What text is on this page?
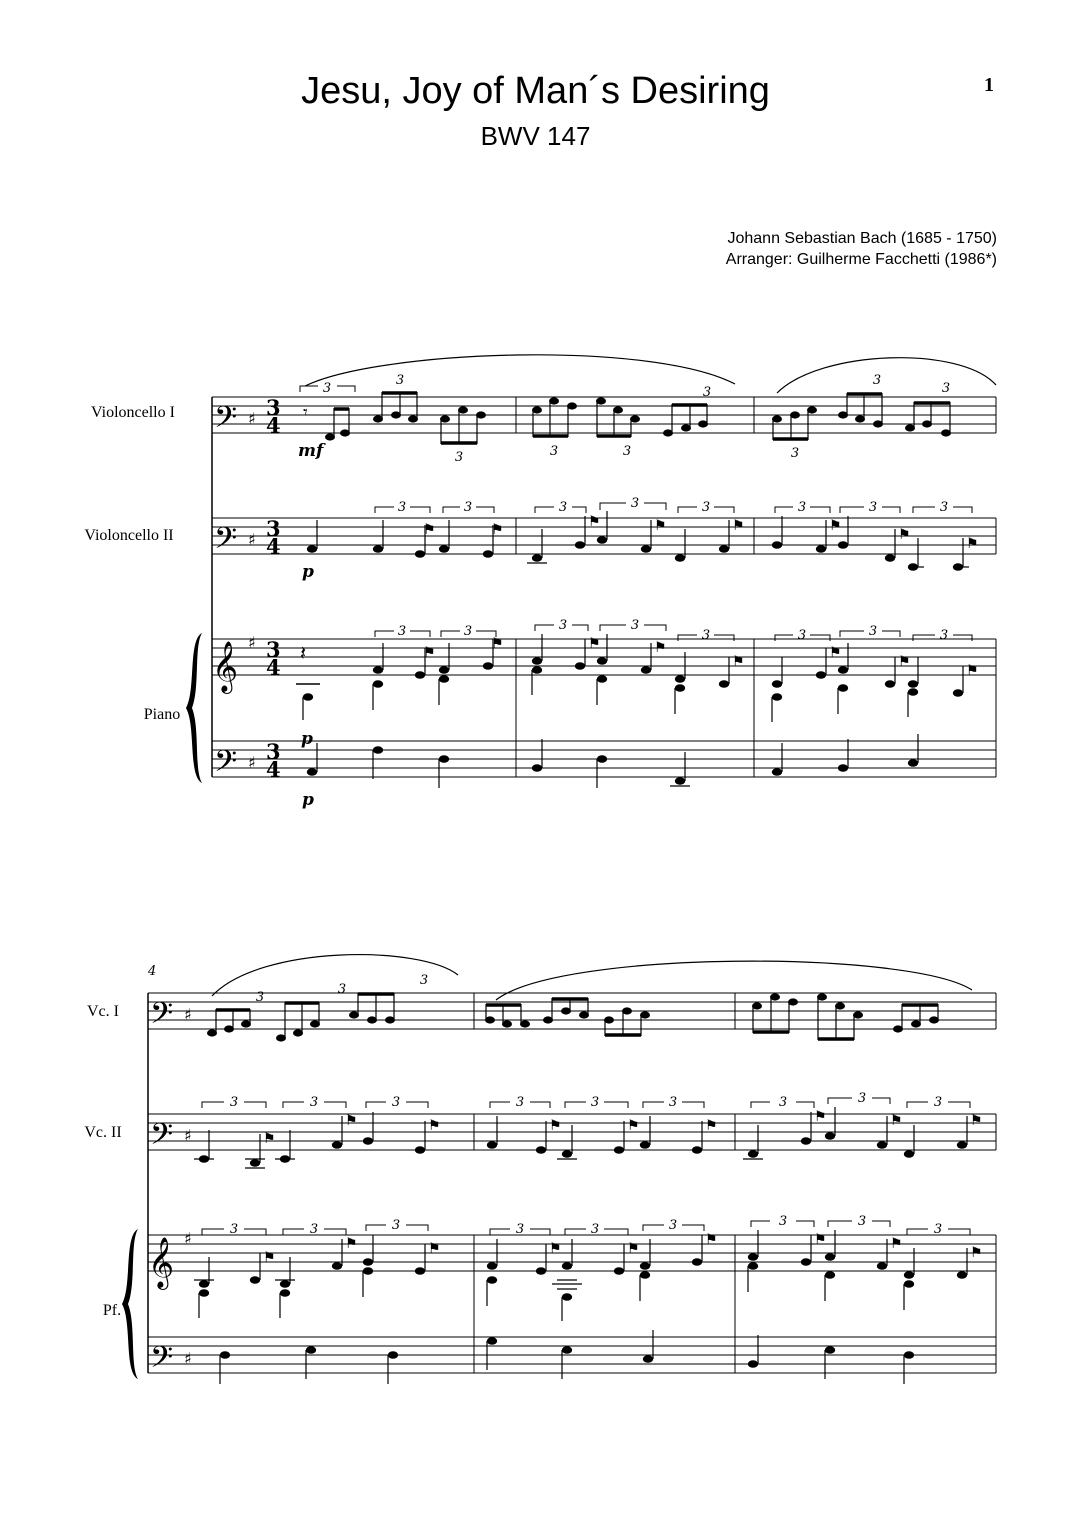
Jesu, Joy of Man´s Desiring
BWV 147
1
Johann Sebastian Bach (1685 - 1750)
Arranger: Guilherme Facchetti (1986*)
Violoncello I
Violoncello II
Piano
𝄢
𝄢
𝄞
𝄢
♯
♯
♯
♯
3
4
3
4
3
4
3
4
𝄾
3
3
3	3	3
3
3
3
3
mf
3	3	3	3	3	3	3	3
⚑	⚑	⚑	⚑	⚑	⚑
⚑
⚑
p
𝄽
3	3	3	3
3	3	3	3
⚑
⚑	⚑	⚑
⚑
⚑
⚑
⚑
p
p
4
Vc. I
Vc. II
Pf.
𝄢
𝄢
𝄞
𝄢
♯
♯
♯
♯
3
3
3
3	3	3	3	3	3	3	3	3
⚑
⚑	⚑	⚑	⚑	⚑
⚑	⚑	⚑
3	3	3	3	3	3	3	3
3
⚑
⚑	⚑	⚑	⚑
⚑	⚑	⚑
⚑
